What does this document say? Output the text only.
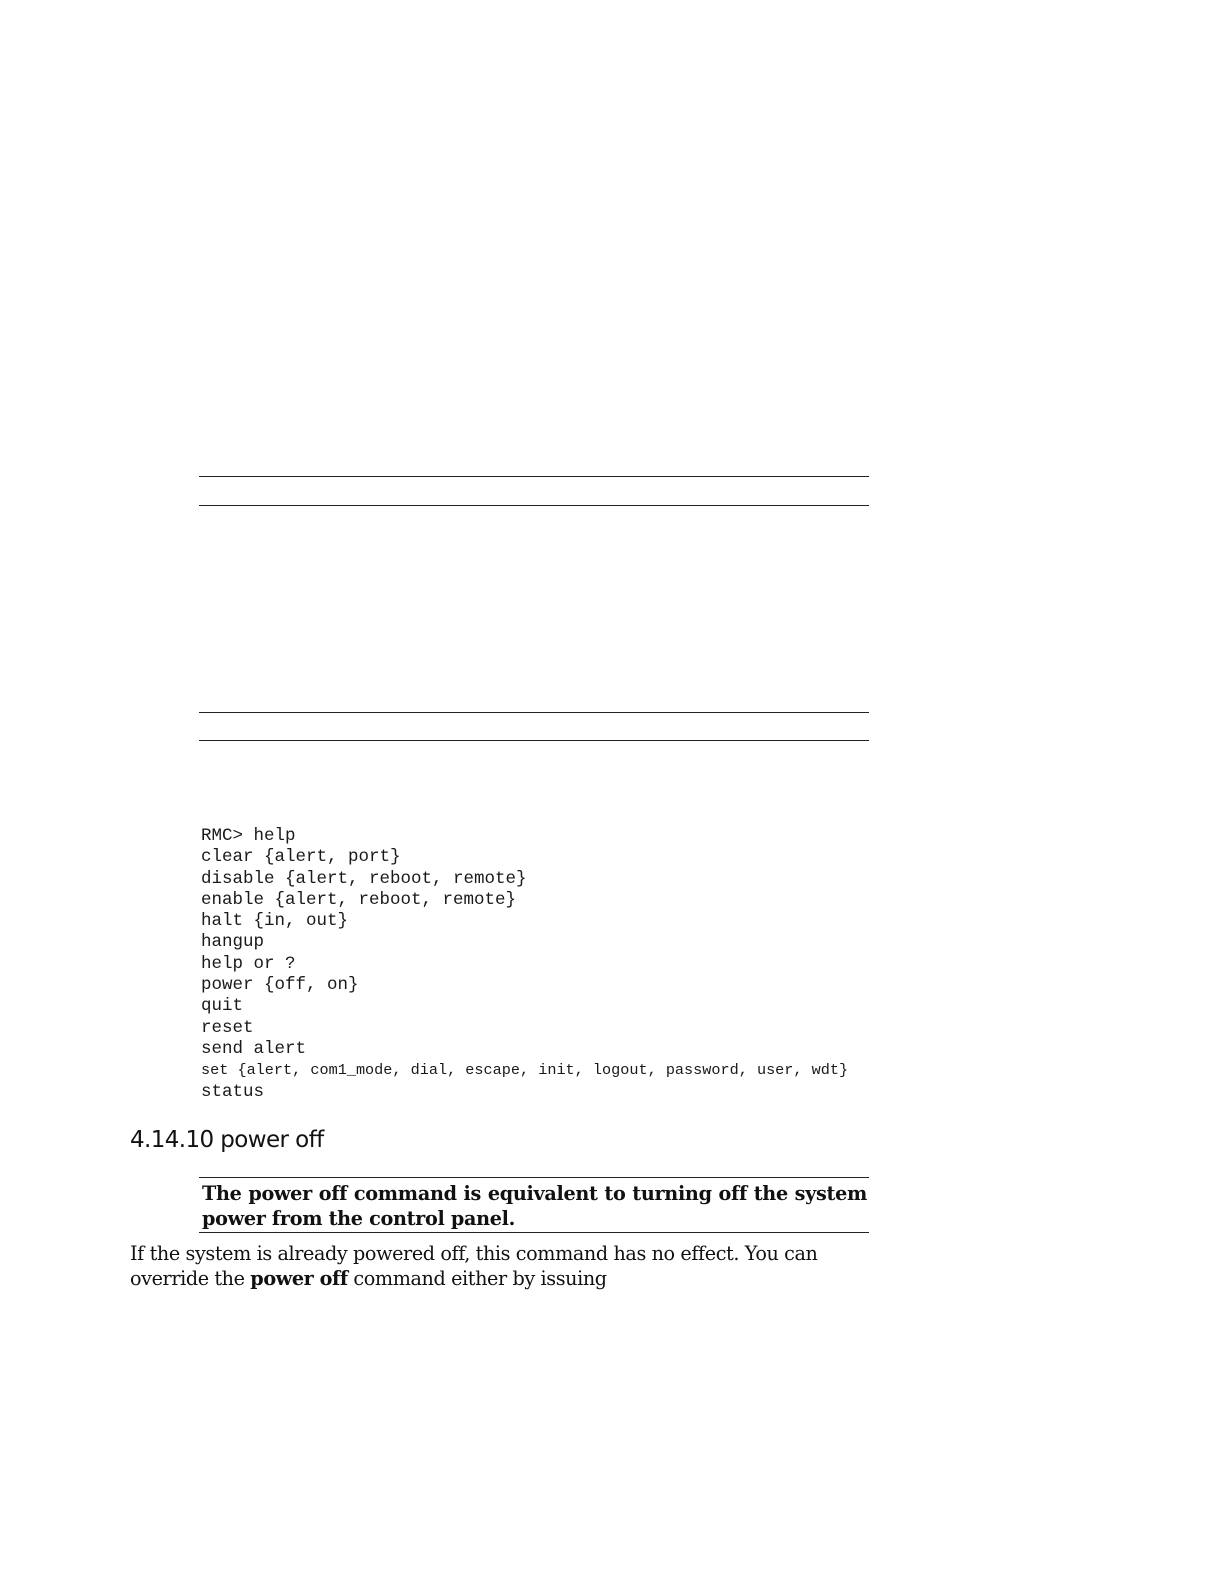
RMC> help
clear {alert, port}
disable {alert, reboot, remote}
enable {alert, reboot, remote}
halt {in, out}
hangup
help or ?
power {off, on}
quit
reset
send alert
set {alert, com1_mode, dial, escape, init, logout, password, user, wdt}
status
4.14.10 power off

The power off command is equivalent to turning off the system power from the control panel.

If the system is already powered off, this command has no effect. You can override the power off command either by issuing
